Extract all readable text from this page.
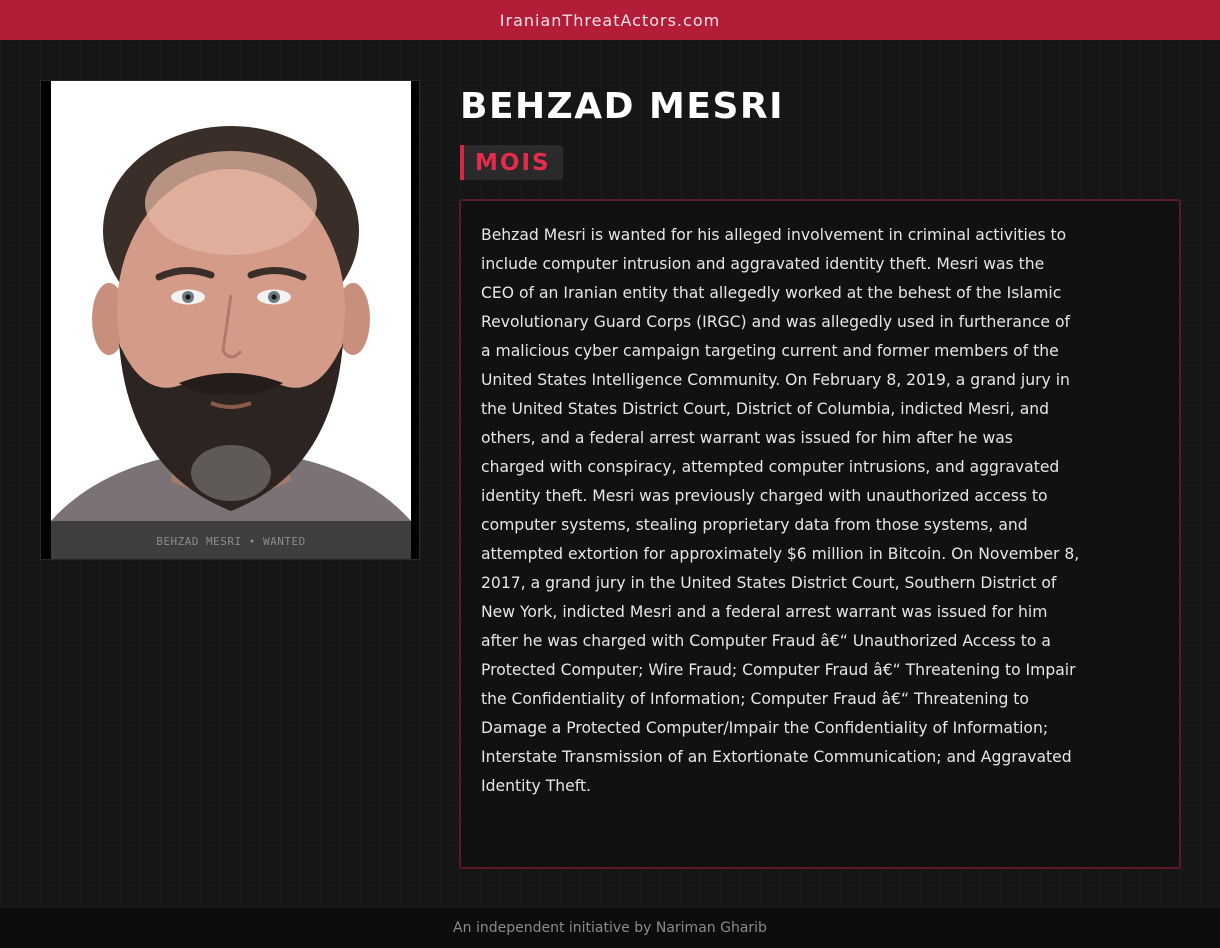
IranianThreatActors.com
BEHZAD MESRI • WANTED
BEHZAD MESRI
MOIS

Behzad Mesri is wanted for his alleged involvement in criminal activities to include computer intrusion and aggravated identity theft. Mesri was the CEO of an Iranian entity that allegedly worked at the behest of the Islamic Revolutionary Guard Corps (IRGC) and was allegedly used in furtherance of a malicious cyber campaign targeting current and former members of the United States Intelligence Community. On February 8, 2019, a grand jury in the United States District Court, District of Columbia, indicted Mesri, and others, and a federal arrest warrant was issued for him after he was charged with conspiracy, attempted computer intrusions, and aggravated identity theft. Mesri was previously charged with unauthorized access to computer systems, stealing proprietary data from those systems, and attempted extortion for approximately $6 million in Bitcoin. On November 8, 2017, a grand jury in the United States District Court, Southern District of New York, indicted Mesri and a federal arrest warrant was issued for him after he was charged with Computer Fraud â€“ Unauthorized Access to a Protected Computer; Wire Fraud; Computer Fraud â€“ Threatening to Impair the Confidentiality of Information; Computer Fraud â€“ Threatening to Damage a Protected Computer/Impair the Confidentiality of Information; Interstate Transmission of an Extortionate Communication; and Aggravated Identity Theft.

An independent initiative by Nariman Gharib
